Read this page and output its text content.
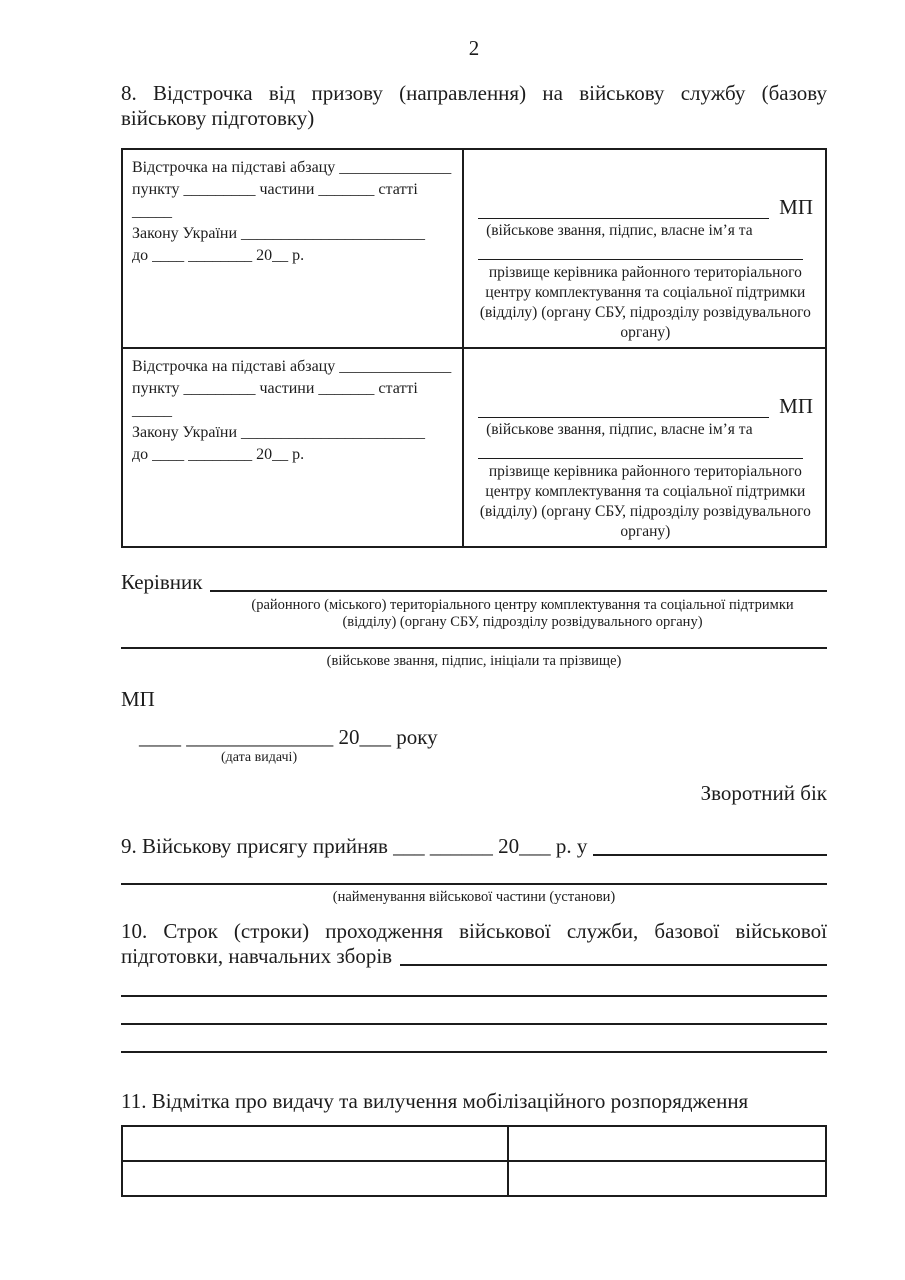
2
8. Відстрочка від призову (направлення) на військову службу (базову
військову підготовку)
Відстрочка на підставі абзацу ______________
пункту _________ частини _______ статті _____
Закону України _______________________
до ____ ________ 20__ р.

МП
(військове звання, підпис, власне ім’я та
прізвище керівника районного територіального центру комплектування та соціальної підтримки (відділу) (органу СБУ, підрозділу розвідувального органу)

Відстрочка на підставі абзацу ______________
пункту _________ частини _______ статті _____
Закону України _______________________
до ____ ________ 20__ р.

МП
(військове звання, підпис, власне ім’я та
прізвище керівника районного територіального центру комплектування та соціальної підтримки (відділу) (органу СБУ, підрозділу розвідувального органу)
Керівник
(районного (міського) територіального центру комплектування та соціальної підтримки
(відділу) (органу СБУ, підрозділу розвідувального органу)
(військове звання, підпис, ініціали та прізвище)
МП
____ ______________ 20___ року
(дата видачі)
Зворотний бік
9. Військову присягу прийняв ___ ______ 20___ р. у
(найменування військової частини (установи)
10. Строк (строки) проходження військової служби, базової військової
підготовки, навчальних зборів
11. Відмітка про видачу та вилучення мобілізаційного розпорядження
